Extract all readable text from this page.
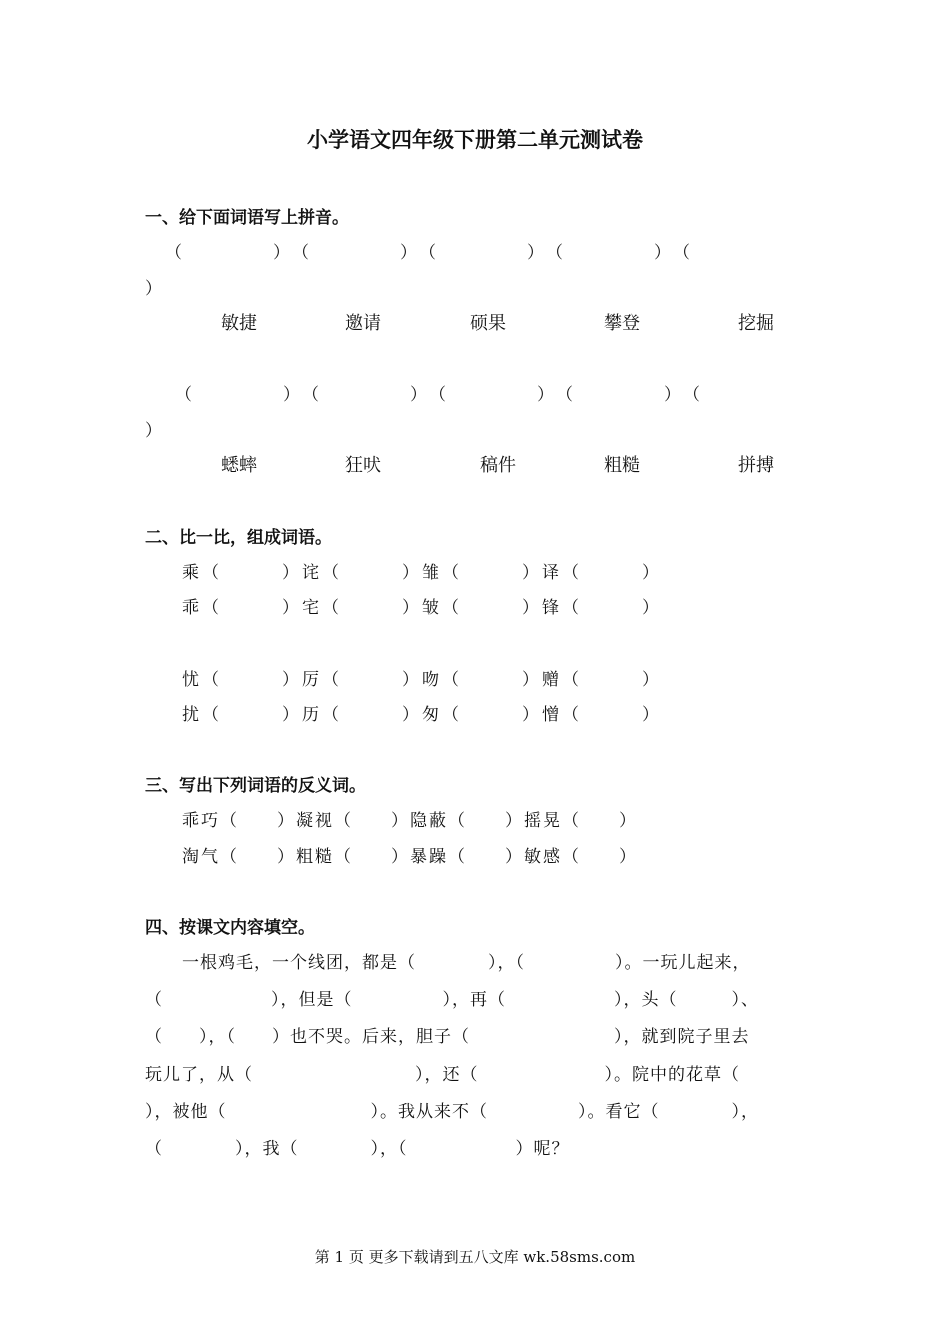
小学语文四年级下册第二单元测试卷
一、给下面词语写上拼音。
（　　　　　）　（　　　　　）　（　　　　　）　（　　　　　）　（
）
敏捷	邀请	硕果	攀登	挖掘
（　　　　　）　（　　　　　）　（　　　　　）　（　　　　　）　（
）
蟋蟀	狂吠	稿件	粗糙	拼搏
二、比一比，组成词语。
乘（　　　）诧（　　　）雏（　　　）译（　　　）
乖（　　　）宅（　　　）皱（　　　）锋（　　　）
忧（　　　）厉（　　　）吻（　　　）赠（　　　）
扰（　　　）历（　　　）匆（　　　）憎（　　　）
三、写出下列词语的反义词。
乖巧（　　）凝视（　　）隐蔽（　　）摇晃（　　）
淘气（　　）粗糙（　　）暴躁（　　）敏感（　　）
四、按课文内容填空。
一根鸡毛，一个线团，都是（　　　　），（　　　　　）。一玩儿起来，
（　　　　　　），但是（　　　　　），再（　　　　　　），头（　　　）、
（　　），（　　）也不哭。后来，胆子（　　　　　　　　），就到院子里去
玩儿了，从（　　　　　　　　　），还（　　　　　　　）。院中的花草（
），被他（　　　　　　　　）。我从来不（　　　　　）。看它（　　　　），
（　　　　），我（　　　　），（　　　　　　）呢？
第 1 页 更多下载请到五八文库 wk.58sms.com
